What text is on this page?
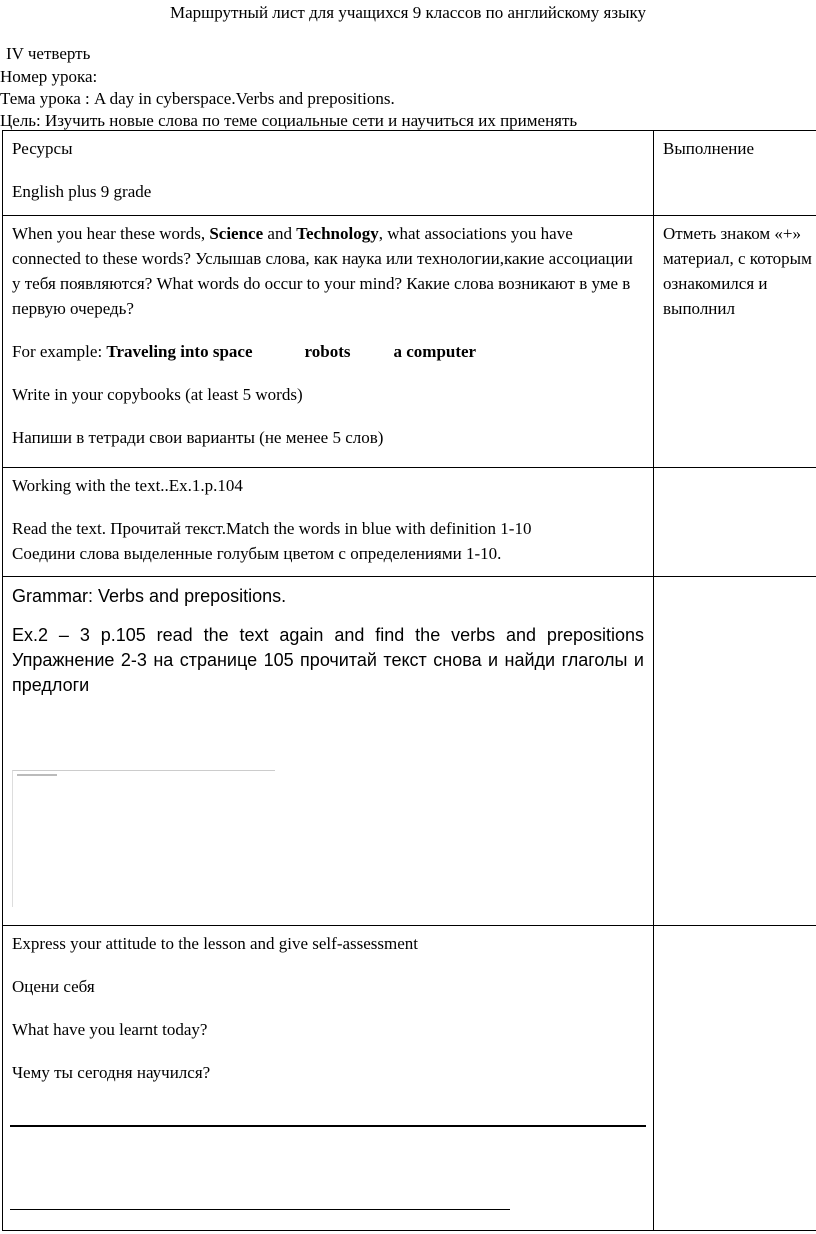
Маршрутный лист для учащихся 9 классов по английскому языку
IV четверть
Номер урока:
Тема урока : A day in cyberspace.Verbs and prepositions.
Цель: Изучить новые слова по теме социальные сети и научиться их применять
Ресурсы
English plus 9 grade	Выполнение

When you hear these words, Science and Technology, what associations you have connected to these words? Услышав слова, как наука или технологии,какие ассоциации у тебя появляются? What words do occur to your mind? Какие слова возникают в уме в первую очередь?
For example: Traveling into space robots a computer
Write in your copybooks (at least 5 words)
Напиши в тетради свои варианты (не менее 5 слов)	Отметь знаком «+» материал, с которым ознакомился и выполнил

Working with the text..Ex.1.p.104
Read the text. Прочитай текст.Match the words in blue with definition 1-10
Соедини слова выделенные голубым цветом с определениями 1-10.	

Grammar: Verbs and prepositions.
Ex.2 – 3 p.105 read the text again and find the verbs and prepositions Упражнение 2-3 на странице 105 прочитай текст снова и найди глаголы и предлоги	

Express your attitude to the lesson and give self-assessment
Оцени себя
What have you learnt today?
Чему ты сегодня научился?	
